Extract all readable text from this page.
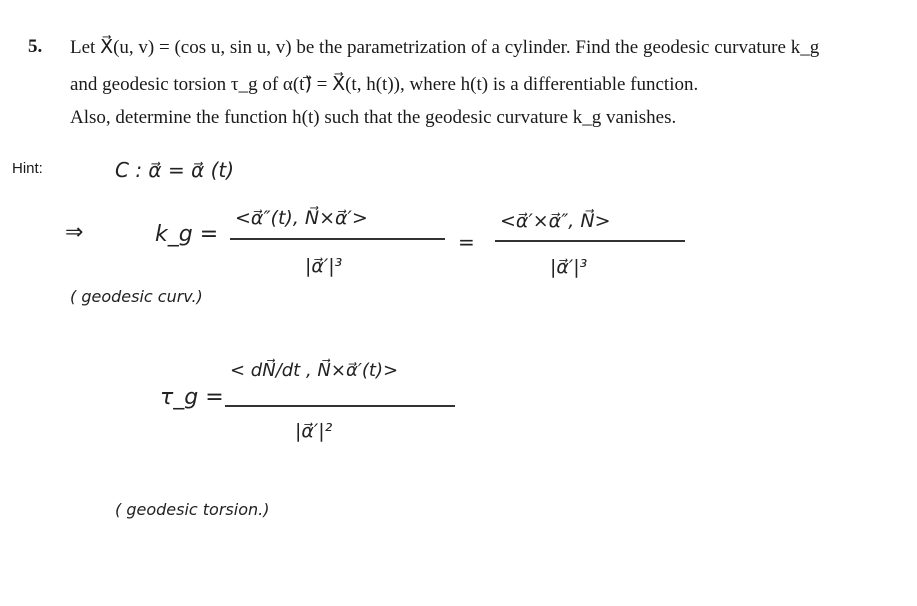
5. Let X⃗(u, v) = (cos u, sin u, v) be the parametrization of a cylinder. Find the geodesic curvature k_g
and geodesic torsion τ_g of α(t)⃗ = X⃗(t, h(t)), where h(t) is a differentiable function.
Also, determine the function h(t) such that the geodesic curvature k_g vanishes.
Hint:	C : α⃗ = α⃗ (t)
⇒	k_g =
<α⃗″(t), N⃗×α⃗′>
|α⃗′|³
=
<α⃗′×α⃗″, N⃗>
|α⃗′|³
( geodesic curv.)
τ_g =
< dN⃗/dt , N⃗×α⃗′(t)>
|α⃗′|²
( geodesic torsion.)
